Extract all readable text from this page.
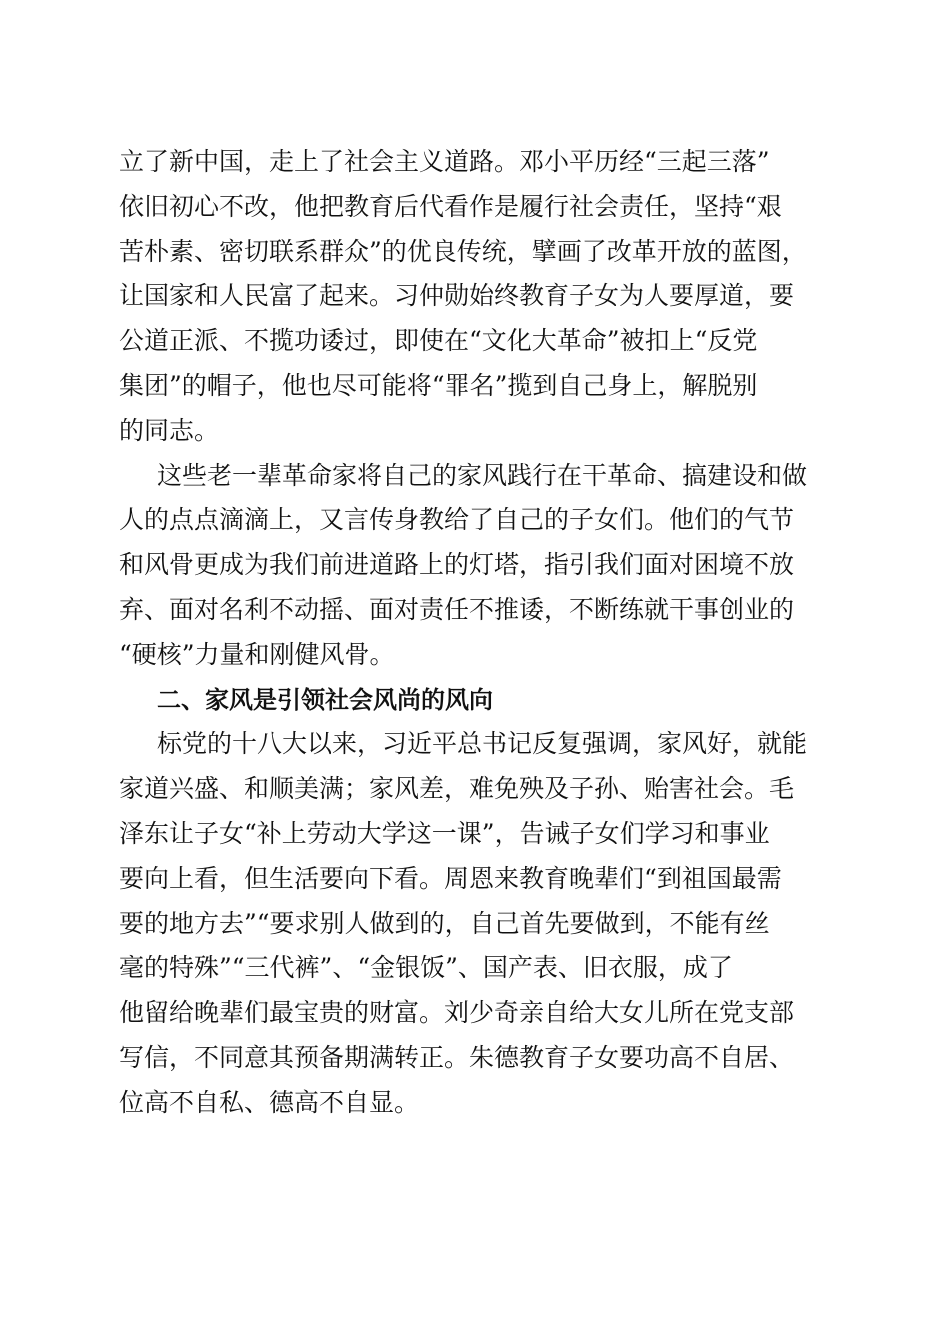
立了新中国，走上了社会主义道路。邓小平历经“三起三落”
依旧初心不改，他把教育后代看作是履行社会责任，坚持“艰
苦朴素、密切联系群众”的优良传统，擘画了改革开放的蓝图，
让国家和人民富了起来。习仲勋始终教育子女为人要厚道，要
公道正派、不揽功诿过，即使在“文化大革命”被扣上“反党
集团”的帽子，他也尽可能将“罪名”揽到自己身上，解脱别
的同志。
这些老一辈革命家将自己的家风践行在干革命、搞建设和做
人的点点滴滴上，又言传身教给了自己的子女们。他们的气节
和风骨更成为我们前进道路上的灯塔，指引我们面对困境不放
弃、面对名利不动摇、面对责任不推诿，不断练就干事创业的
“硬核”力量和刚健风骨。
二、家风是引领社会风尚的风向
标党的十八大以来，习近平总书记反复强调，家风好，就能
家道兴盛、和顺美满；家风差，难免殃及子孙、贻害社会。毛
泽东让子女“补上劳动大学这一课”，告诫子女们学习和事业
要向上看，但生活要向下看。周恩来教育晚辈们“到祖国最需
要的地方去”“要求别人做到的，自己首先要做到，不能有丝
毫的特殊”“三代裤”、“金银饭”、国产表、旧衣服，成了
他留给晚辈们最宝贵的财富。刘少奇亲自给大女儿所在党支部
写信，不同意其预备期满转正。朱德教育子女要功高不自居、
位高不自私、德高不自显。
